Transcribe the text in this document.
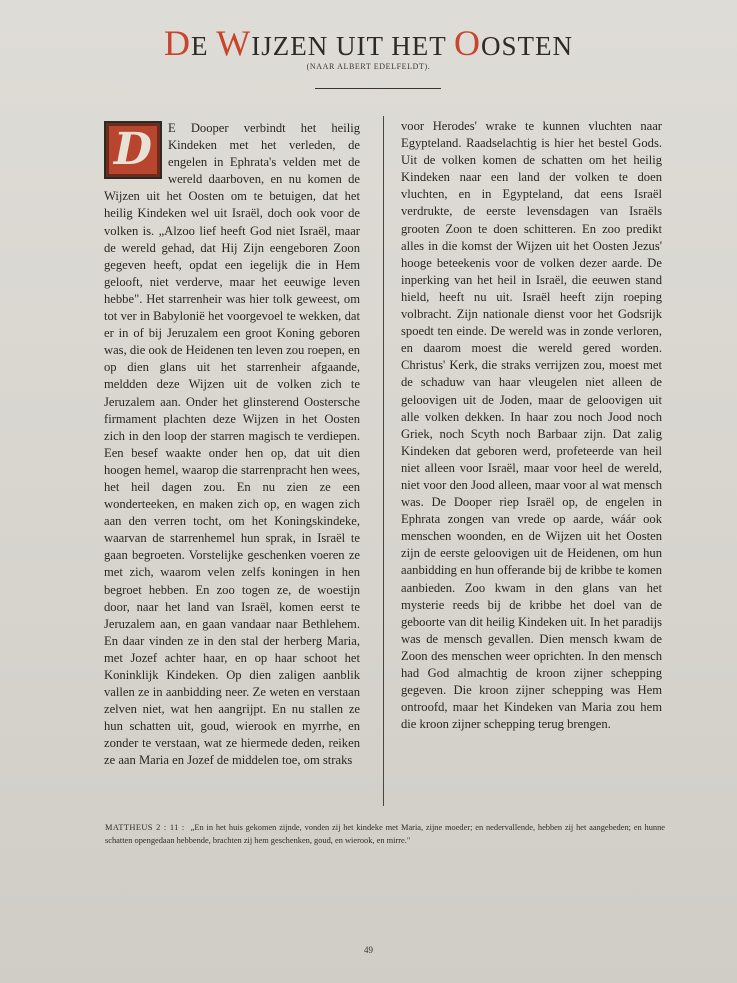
DE WIJZEN UIT HET OOSTEN
(NAAR ALBERT EDELFELDT).
D	E Dooper verbindt het heilig Kindeken met het verleden, de engelen in Ephrata's velden met de wereld daarboven, en nu komen de Wijzen uit het Oosten om te betuigen, dat het heilig Kindeken wel uit Israël, doch ook voor de volken is. „Alzoo lief heeft God niet Israël, maar de wereld gehad, dat Hij Zijn eengeboren Zoon gegeven heeft, opdat een iegelijk die in Hem gelooft, niet verderve, maar het eeuwige leven hebbe". Het starrenheir was hier tolk geweest, om tot ver in Babylonië het voorgevoel te wekken, dat er in of bij Jeruzalem een groot Koning geboren was, die ook de Heidenen ten leven zou roepen, en op dien glans uit het starrenheir afgaande, meldden deze Wijzen uit de volken zich te Jeruzalem aan. Onder het glinsterend Oostersche firmament plachten deze Wijzen in het Oosten zich in den loop der starren magisch te verdiepen. Een besef waakte onder hen op, dat uit dien hoogen hemel, waarop die starrenpracht hen wees, het heil dagen zou. En nu zien ze een wonderteeken, en maken zich op, en wagen zich aan den verren tocht, om het Koningskindeke, waarvan de starrenhemel hun sprak, in Israël te gaan begroeten. Vorstelijke geschenken voeren ze met zich, waarom velen zelfs koningen in hen begroet hebben. En zoo togen ze, de woestijn door, naar het land van Israël, komen eerst te Jeruzalem aan, en gaan vandaar naar Bethlehem. En daar vinden ze in den stal der herberg Maria, met Jozef achter haar, en op haar schoot het Koninklijk Kindeken. Op dien zaligen aanblik vallen ze in aanbidding neer. Ze weten en verstaan zelven niet, wat hen aangrijpt. En nu stallen ze hun schatten uit, goud, wierook en myrrhe, en zonder te verstaan, wat ze hiermede deden, reiken ze aan Maria en Jozef de middelen toe, om straks

voor Herodes' wrake te kunnen vluchten naar Egypteland. Raadselachtig is hier het bestel Gods. Uit de volken komen de schatten om het heilig Kindeken naar een land der volken te doen vluchten, en in Egypteland, dat eens Israël verdrukte, de eerste levensdagen van Israëls grooten Zoon te doen schitteren. En zoo predikt alles in die komst der Wijzen uit het Oosten Jezus' hooge beteekenis voor de volken dezer aarde. De inperking van het heil in Israël, die eeuwen stand hield, heeft nu uit. Israël heeft zijn roeping volbracht. Zijn nationale dienst voor het Godsrijk spoedt ten einde. De wereld was in zonde verloren, en daarom moest die wereld gered worden. Christus' Kerk, die straks verrijzen zou, moest met de schaduw van haar vleugelen niet alleen de geloovigen uit de Joden, maar de geloovigen uit alle volken dekken. In haar zou noch Jood noch Griek, noch Scyth noch Barbaar zijn. Dat zalig Kindeken dat geboren werd, profeteerde van heil niet alleen voor Israël, maar voor heel de wereld, niet voor den Jood alleen, maar voor al wat mensch was. De Dooper riep Israël op, de engelen in Ephrata zongen van vrede op aarde, wáár ook menschen woonden, en de Wijzen uit het Oosten zijn de eerste geloovigen uit de Heidenen, om hun aanbidding en hun offerande bij de kribbe te komen aanbieden. Zoo kwam in den glans van het mysterie reeds bij de kribbe het doel van de geboorte van dit heilig Kindeken uit. In het paradijs was de mensch gevallen. Dien mensch kwam de Zoon des menschen weer oprichten. In den mensch had God almachtig de kroon zijner schepping gegeven. Die kroon zijner schepping was Hem ontroofd, maar het Kindeken van Maria zou hem die kroon zijner schepping terug brengen.

MATTHEUS 2 : 11 : „En in het huis gekomen zijnde, vonden zij het kindeke met Maria, zijne moeder; en nedervallende, hebben zij het aangebeden; en hunne schatten opengedaan hebbende, brachten zij hem geschenken, goud, en wierook, en mirre."
49
